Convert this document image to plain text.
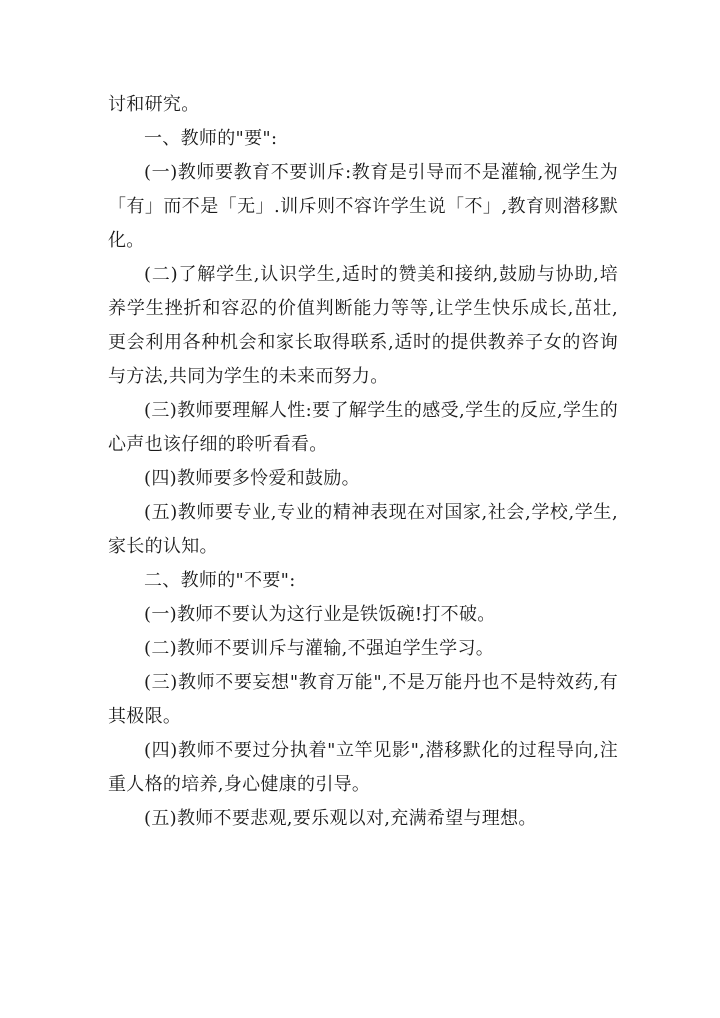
讨和研究。

一、教师的"要":

(一)教师要教育不要训斥:教育是引导而不是灌输,视学生为「有」而不是「无」.训斥则不容许学生说「不」,教育则潜移默化。

(二)了解学生,认识学生,适时的赞美和接纳,鼓励与协助,培养学生挫折和容忍的价值判断能力等等,让学生快乐成长,茁壮,更会利用各种机会和家长取得联系,适时的提供教养子女的咨询与方法,共同为学生的未来而努力。

(三)教师要理解人性:要了解学生的感受,学生的反应,学生的心声也该仔细的聆听看看。

(四)教师要多怜爱和鼓励。

(五)教师要专业,专业的精神表现在对国家,社会,学校,学生,家长的认知。

二、教师的"不要":

(一)教师不要认为这行业是铁饭碗!打不破。

(二)教师不要训斥与灌输,不强迫学生学习。

(三)教师不要妄想"教育万能",不是万能丹也不是特效药,有其极限。

(四)教师不要过分执着"立竿见影",潜移默化的过程导向,注重人格的培养,身心健康的引导。

(五)教师不要悲观,要乐观以对,充满希望与理想。
